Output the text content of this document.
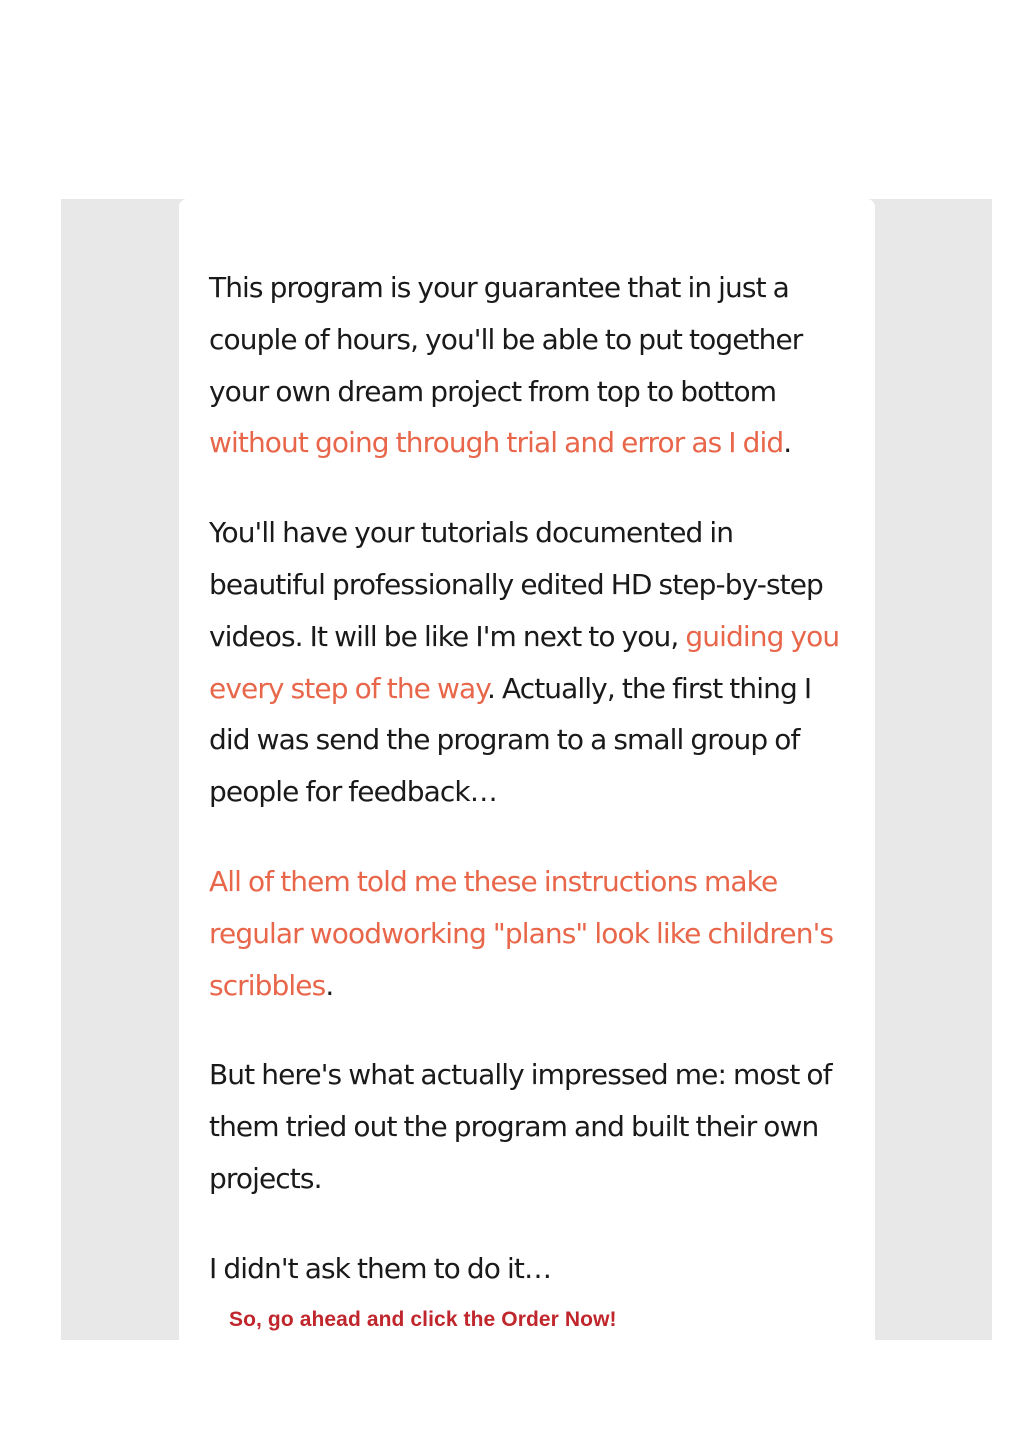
This program is your guarantee that in just a couple of hours, you'll be able to put together your own dream project from top to bottom without going through trial and error as I did.

You'll have your tutorials documented in beautiful professionally edited HD step-by-step videos. It will be like I'm next to you, guiding you every step of the way. Actually, the first thing I did was send the program to a small group of people for feedback…

All of them told me these instructions make regular woodworking "plans" look like children's scribbles.

But here's what actually impressed me: most of them tried out the program and built their own projects.

I didn't ask them to do it…

So, go ahead and click the Order Now!
